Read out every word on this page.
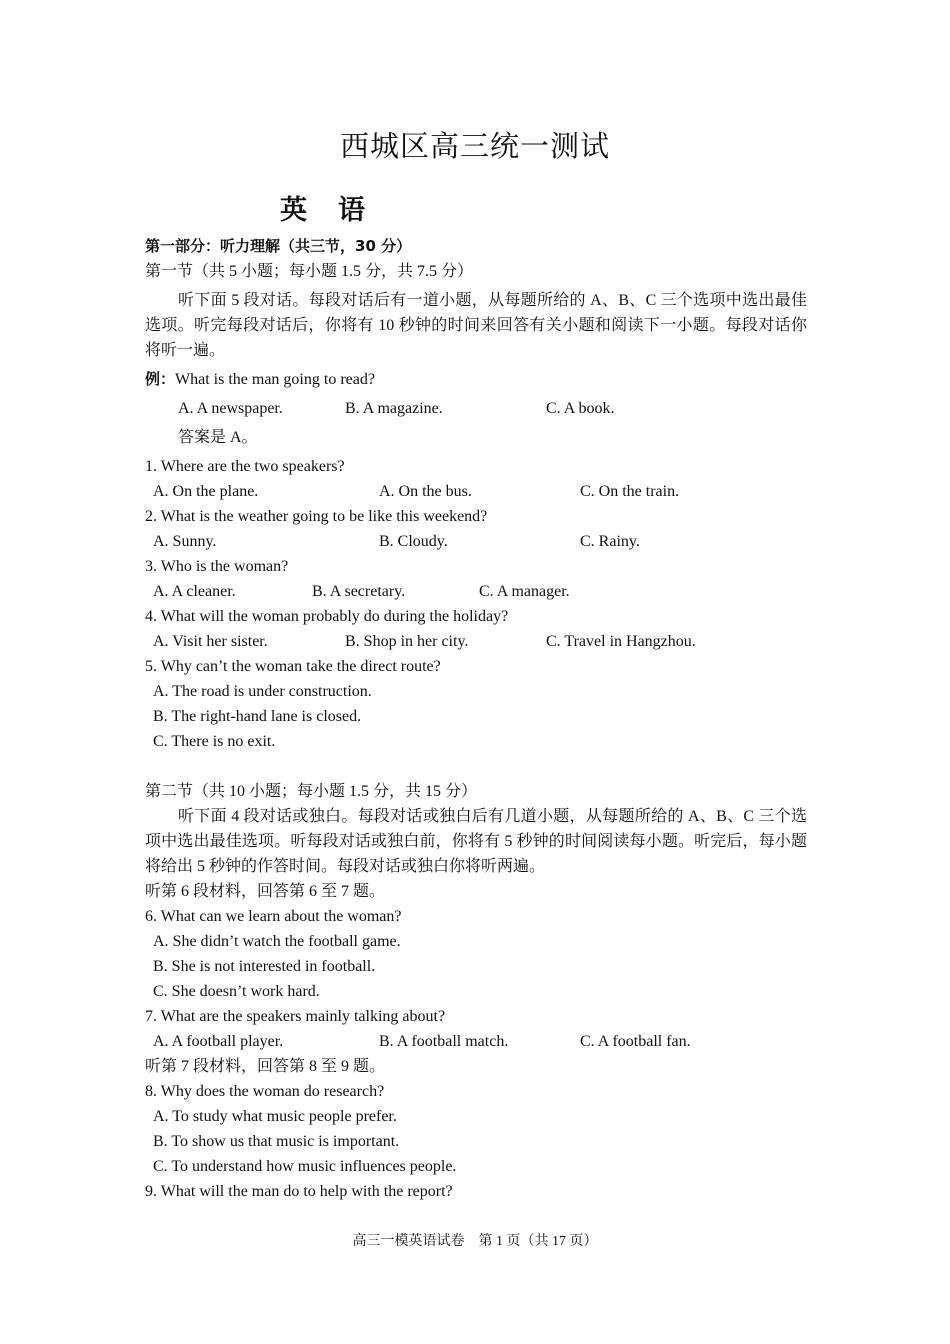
西城区高三统一测试
英 语
第一部分：听力理解（共三节，30 分）
第一节（共 5 小题；每小题 1.5 分，共 7.5 分）
听下面 5 段对话。每段对话后有一道小题，从每题所给的 A、B、C 三个选项中选出最佳选项。听完每段对话后，你将有 10 秒钟的时间来回答有关小题和阅读下一小题。每段对话你将听一遍。
例：What is the man going to read?
A. A newspaper.	B. A magazine.	C. A book.
答案是 A。
1. Where are the two speakers?
A. On the plane.	A. On the bus.	C. On the train.
2. What is the weather going to be like this weekend?
A. Sunny.	B. Cloudy.	C. Rainy.
3. Who is the woman?
A. A cleaner.	B. A secretary.	C. A manager.
4. What will the woman probably do during the holiday?
A. Visit her sister.	B. Shop in her city.	C. Travel in Hangzhou.
5. Why can’t the woman take the direct route?
A. The road is under construction.
B. The right-hand lane is closed.
C. There is no exit.
第二节（共 10 小题；每小题 1.5 分，共 15 分）
听下面 4 段对话或独白。每段对话或独白后有几道小题，从每题所给的 A、B、C 三个选项中选出最佳选项。听每段对话或独白前，你将有 5 秒钟的时间阅读每小题。听完后，每小题将给出 5 秒钟的作答时间。每段对话或独白你将听两遍。
听第 6 段材料，回答第 6 至 7 题。
6. What can we learn about the woman?
A. She didn’t watch the football game.
B. She is not interested in football.
C. She doesn’t work hard.
7. What are the speakers mainly talking about?
A. A football player.	B. A football match.	C. A football fan.
听第 7 段材料，回答第 8 至 9 题。
8. Why does the woman do research?
A. To study what music people prefer.
B. To show us that music is important.
C. To understand how music influences people.
9. What will the man do to help with the report?
高三一模英语试卷　第 1 页（共 17 页）
